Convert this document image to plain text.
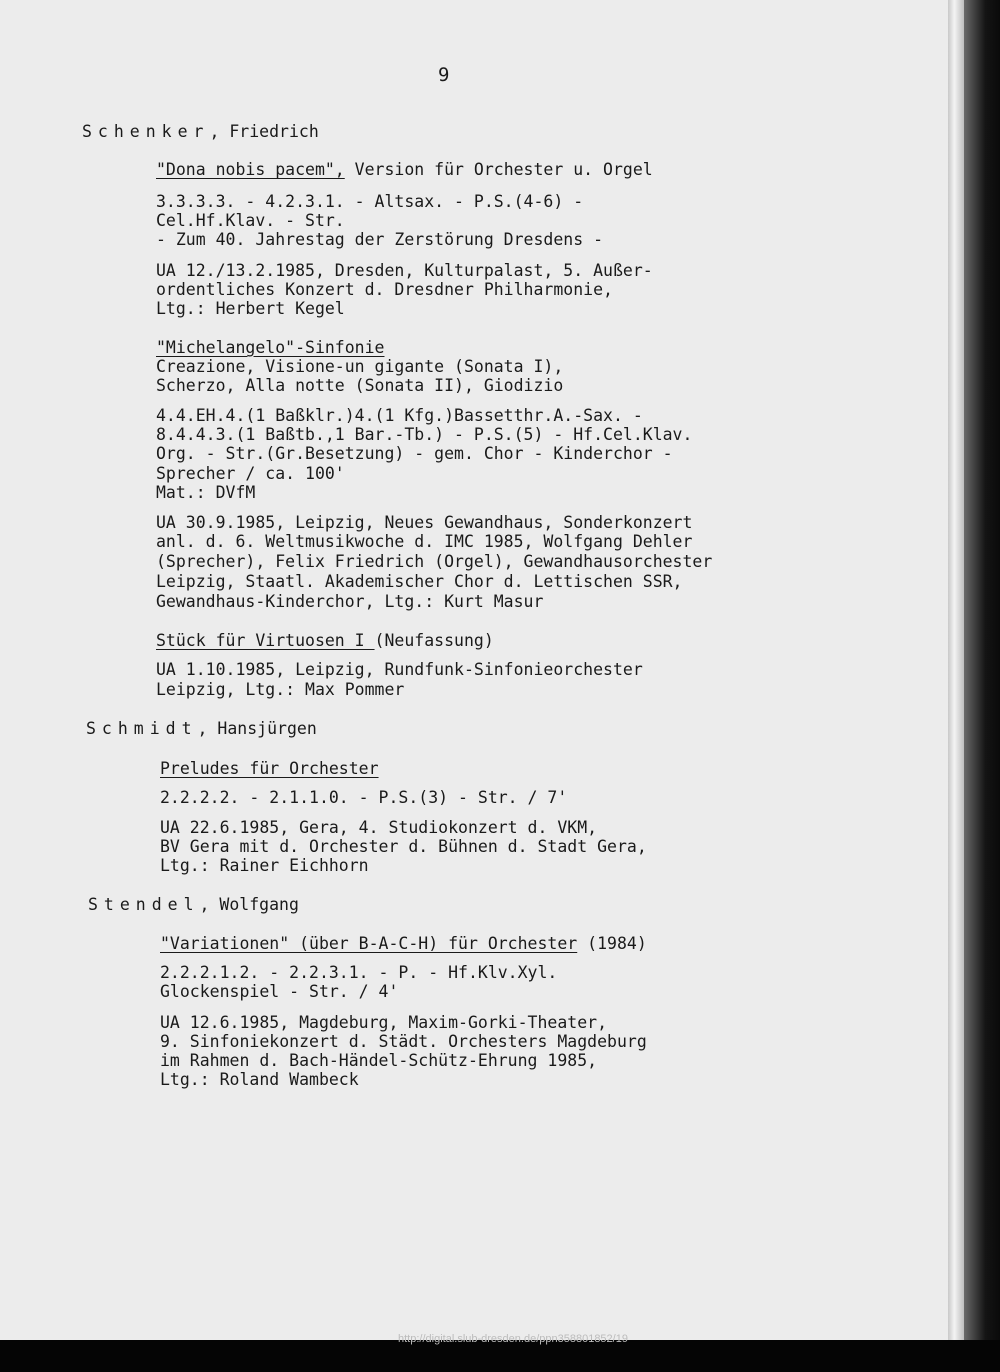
http://digital.slub-dresden.de/ppn358801852/19
9
Schenker, Friedrich
"Dona nobis pacem", Version für Orchester u. Orgel
3.3.3.3. - 4.2.3.1. - Altsax. - P.S.(4-6) -
Cel.Hf.Klav. - Str.
- Zum 40. Jahrestag der Zerstörung Dresdens -
UA 12./13.2.1985, Dresden, Kulturpalast, 5. Außer-
ordentliches Konzert d. Dresdner Philharmonie,
Ltg.: Herbert Kegel
"Michelangelo"-Sinfonie
Creazione, Visione-un gigante (Sonata I),
Scherzo, Alla notte (Sonata II), Giodizio
4.4.EH.4.(1 Baßklr.)4.(1 Kfg.)Bassetthr.A.-Sax. -
8.4.4.3.(1 Baßtb.,1 Bar.-Tb.) - P.S.(5) - Hf.Cel.Klav.
Org. - Str.(Gr.Besetzung) - gem. Chor - Kinderchor -
Sprecher / ca. 100'
Mat.: DVfM
UA 30.9.1985, Leipzig, Neues Gewandhaus, Sonderkonzert
anl. d. 6. Weltmusikwoche d. IMC 1985, Wolfgang Dehler
(Sprecher), Felix Friedrich (Orgel), Gewandhausorchester
Leipzig, Staatl. Akademischer Chor d. Lettischen SSR,
Gewandhaus-Kinderchor, Ltg.: Kurt Masur
Stück für Virtuosen I (Neufassung)
UA 1.10.1985, Leipzig, Rundfunk-Sinfonieorchester
Leipzig, Ltg.: Max Pommer
Schmidt, Hansjürgen
Preludes für Orchester
2.2.2.2. - 2.1.1.0. - P.S.(3) - Str. / 7'
UA 22.6.1985, Gera, 4. Studiokonzert d. VKM,
BV Gera mit d. Orchester d. Bühnen d. Stadt Gera,
Ltg.: Rainer Eichhorn
Stendel, Wolfgang
"Variationen" (über B-A-C-H) für Orchester (1984)
2.2.2.1.2. - 2.2.3.1. - P. - Hf.Klv.Xyl.
Glockenspiel - Str. / 4'
UA 12.6.1985, Magdeburg, Maxim-Gorki-Theater,
9. Sinfoniekonzert d. Städt. Orchesters Magdeburg
im Rahmen d. Bach-Händel-Schütz-Ehrung 1985,
Ltg.: Roland Wambeck
